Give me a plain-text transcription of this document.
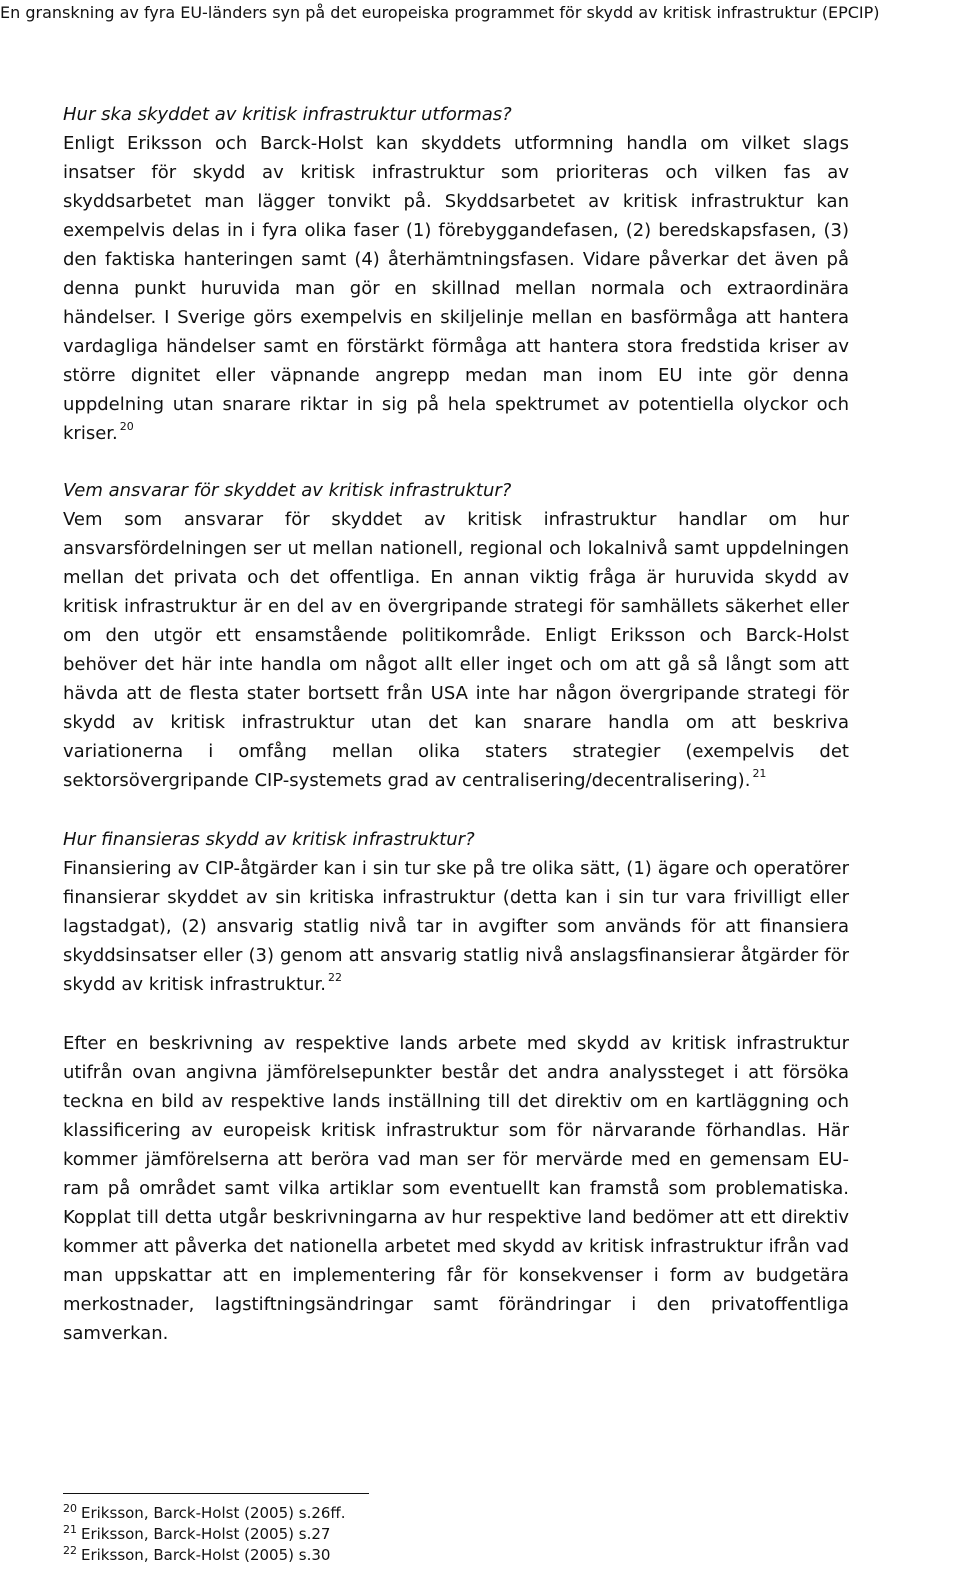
En granskning av fyra EU-länders syn på det europeiska programmet för skydd av kritisk infrastruktur (EPCIP)
Hur ska skyddet av kritisk infrastruktur utformas?

Enligt Eriksson och Barck-Holst kan skyddets utformning handla om vilket slags insatser för skydd av kritisk infrastruktur som prioriteras och vilken fas av skyddsarbetet man lägger tonvikt på. Skyddsarbetet av kritisk infrastruktur kan exempelvis delas in i fyra olika faser (1) förebyggandefasen, (2) beredskapsfasen, (3) den faktiska hanteringen samt (4) återhämtningsfasen. Vidare påverkar det även på denna punkt huruvida man gör en skillnad mellan normala och extraordinära händelser. I Sverige görs exempelvis en skiljelinje mellan en basförmåga att hantera vardagliga händelser samt en förstärkt förmåga att hantera stora fredstida kriser av större dignitet eller väpnande angrepp medan man inom EU inte gör denna uppdelning utan snarare riktar in sig på hela spektrumet av potentiella olyckor och kriser. $^{20}$

Vem ansvarar för skyddet av kritisk infrastruktur?

Vem som ansvarar för skyddet av kritisk infrastruktur handlar om hur ansvarsfördelningen ser ut mellan nationell, regional och lokalnivå samt uppdelningen mellan det privata och det offentliga. En annan viktig fråga är huruvida skydd av kritisk infrastruktur är en del av en övergripande strategi för samhällets säkerhet eller om den utgör ett ensamstående politikområde. Enligt Eriksson och Barck-Holst behöver det här inte handla om något allt eller inget och om att gå så långt som att hävda att de flesta stater bortsett från USA inte har någon övergripande strategi för skydd av kritisk infrastruktur utan det kan snarare handla om att beskriva variationerna i omfång mellan olika staters strategier (exempelvis det sektorsövergripande CIP-systemets grad av centralisering/decentralisering). $^{21}$

Hur finansieras skydd av kritisk infrastruktur?

Finansiering av CIP-åtgärder kan i sin tur ske på tre olika sätt, (1) ägare och operatörer finansierar skyddet av sin kritiska infrastruktur (detta kan i sin tur vara frivilligt eller lagstadgat), (2) ansvarig statlig nivå tar in avgifter som används för att finansiera skyddsinsatser eller (3) genom att ansvarig statlig nivå anslagsfinansierar åtgärder för skydd av kritisk infrastruktur. $^{22}$

Efter en beskrivning av respektive lands arbete med skydd av kritisk infrastruktur utifrån ovan angivna jämförelsepunkter består det andra analyssteget i att försöka teckna en bild av respektive lands inställning till det direktiv om en kartläggning och klassificering av europeisk kritisk infrastruktur som för närvarande förhandlas. Här kommer jämförelserna att beröra vad man ser för mervärde med en gemensam EU-ram på området samt vilka artiklar som eventuellt kan framstå som problematiska. Kopplat till detta utgår beskrivningarna av hur respektive land bedömer att ett direktiv kommer att påverka det nationella arbetet med skydd av kritisk infrastruktur ifrån vad man uppskattar att en implementering får för konsekvenser i form av budgetära merkostnader, lagstiftningsändringar samt förändringar i den privatoffentliga samverkan.

$^{20}$ Eriksson, Barck-Holst (2005) s.26ff.

$^{21}$ Eriksson, Barck-Holst (2005) s.27

$^{22}$ Eriksson, Barck-Holst (2005) s.30
